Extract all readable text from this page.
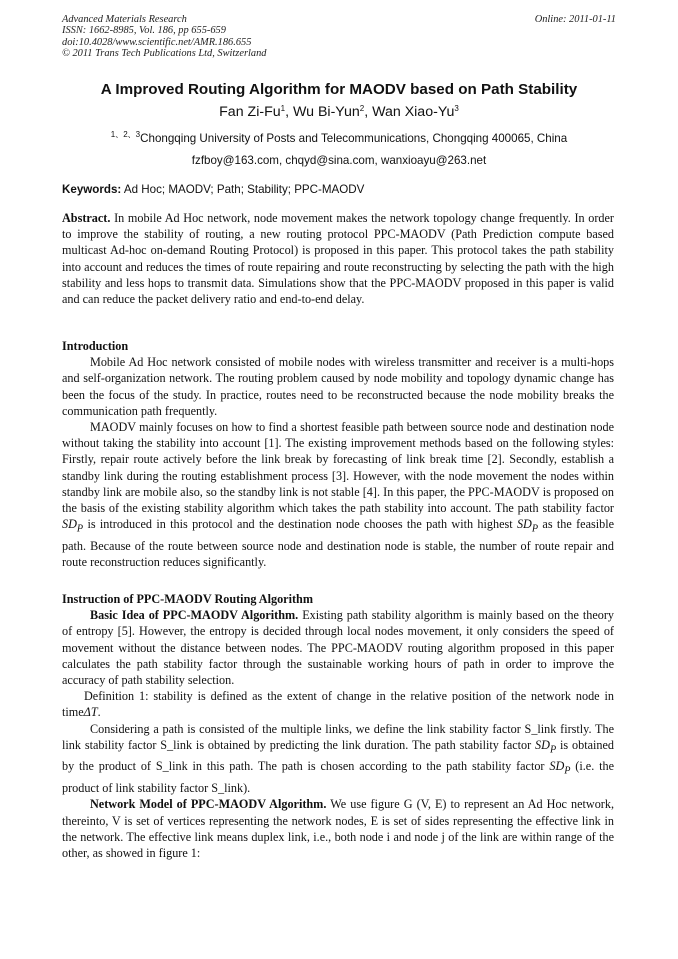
Advanced Materials Research
ISSN: 1662-8985, Vol. 186, pp 655-659
doi:10.4028/www.scientific.net/AMR.186.655
© 2011 Trans Tech Publications Ltd, Switzerland
Online: 2011-01-11
A Improved Routing Algorithm for MAODV based on Path Stability
Fan Zi-Fu$^1$, Wu Bi-Yun$^2$, Wan Xiao-Yu$^3$
$^{1、2、3}$Chongqing University of Posts and Telecommunications, Chongqing 400065, China
fzfboy@163.com, chqyd@sina.com, wanxioayu@263.net
Keywords: Ad Hoc; MAODV; Path; Stability; PPC-MAODV

Abstract. In mobile Ad Hoc network, node movement makes the network topology change frequently. In order to improve the stability of routing, a new routing protocol PPC-MAODV (Path Prediction compute based multicast Ad-hoc on-demand Routing Protocol) is proposed in this paper. This protocol takes the path stability into account and reduces the times of route repairing and route reconstructing by selecting the path with the high stability and less hops to transmit data. Simulations show that the PPC-MAODV proposed in this paper is valid and can reduce the packet delivery ratio and end-to-end delay.

Introduction

Mobile Ad Hoc network consisted of mobile nodes with wireless transmitter and receiver is a multi-hops and self-organization network. The routing problem caused by node mobility and topology dynamic change has been the focus of the study. In practice, routes need to be reconstructed because the node mobility breaks the communication path frequently.

MAODV mainly focuses on how to find a shortest feasible path between source node and destination node without taking the stability into account [1]. The existing improvement methods based on the following styles: Firstly, repair route actively before the link break by forecasting of link break time [2]. Secondly, establish a standby link during the routing establishment process [3]. However, with the node movement the nodes within standby link are mobile also, so the standby link is not stable [4]. In this paper, the PPC-MAODV is proposed on the basis of the existing stability algorithm which takes the path stability into account. The path stability factor $SD_P$ is introduced in this protocol and the destination node chooses the path with highest $SD_P$ as the feasible path. Because of the route between source node and destination node is stable, the number of route repair and route reconstruction reduces significantly.

Instruction of PPC-MAODV Routing Algorithm

Basic Idea of PPC-MAODV Algorithm. Existing path stability algorithm is mainly based on the theory of entropy [5]. However, the entropy is decided through local nodes movement, it only considers the speed of movement without the distance between nodes. The PPC-MAODV routing algorithm proposed in this paper calculates the path stability factor through the sustainable working hours of path in order to improve the accuracy of path stability selection.

Definition 1: stability is defined as the extent of change in the relative position of the network node in timeΔT.

Considering a path is consisted of the multiple links, we define the link stability factor S_link firstly. The link stability factor S_link is obtained by predicting the link duration. The path stability factor $SD_P$ is obtained by the product of S_link in this path. The path is chosen according to the path stability factor $SD_P$ (i.e. the product of link stability factor S_link).

Network Model of PPC-MAODV Algorithm. We use figure G (V, E) to represent an Ad Hoc network, thereinto, V is set of vertices representing the network nodes, E is set of sides representing the effective link in the network. The effective link means duplex link, i.e., both node i and node j of the link are within range of the other, as showed in figure 1:
